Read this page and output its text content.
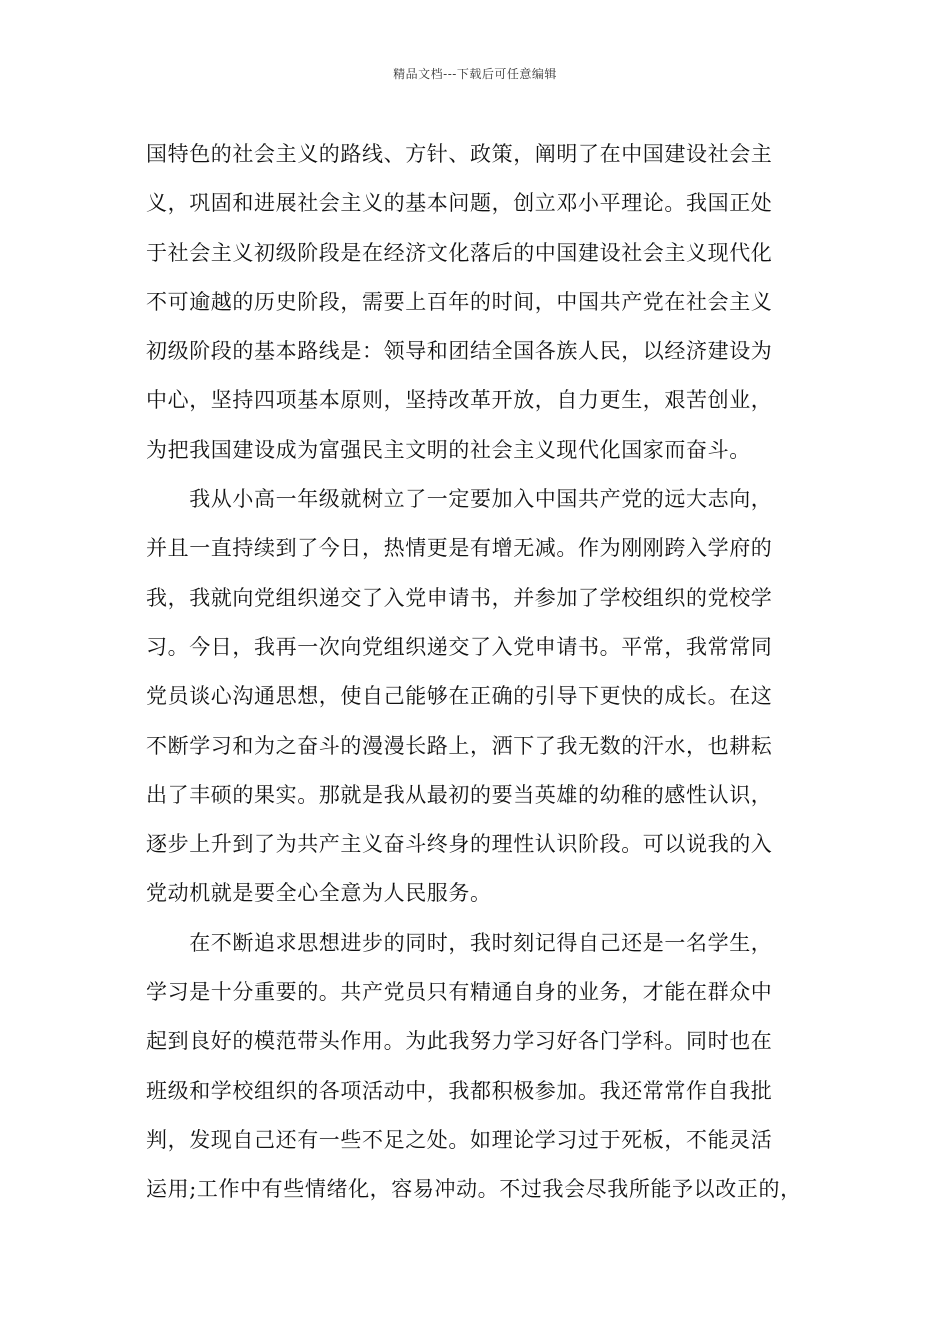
精品文档---下载后可任意编辑
国特色的社会主义的路线、方针、政策，阐明了在中国建设社会主
义，巩固和进展社会主义的基本问题，创立邓小平理论。我国正处
于社会主义初级阶段是在经济文化落后的中国建设社会主义现代化
不可逾越的历史阶段，需要上百年的时间，中国共产党在社会主义
初级阶段的基本路线是：领导和团结全国各族人民，以经济建设为
中心，坚持四项基本原则，坚持改革开放，自力更生，艰苦创业，
为把我国建设成为富强民主文明的社会主义现代化国家而奋斗。
　　我从小高一年级就树立了一定要加入中国共产党的远大志向，
并且一直持续到了今日，热情更是有增无减。作为刚刚跨入学府的
我，我就向党组织递交了入党申请书，并参加了学校组织的党校学
习。今日，我再一次向党组织递交了入党申请书。平常，我常常同
党员谈心沟通思想，使自己能够在正确的引导下更快的成长。在这
不断学习和为之奋斗的漫漫长路上，洒下了我无数的汗水，也耕耘
出了丰硕的果实。那就是我从最初的要当英雄的幼稚的感性认识，
逐步上升到了为共产主义奋斗终身的理性认识阶段。可以说我的入
党动机就是要全心全意为人民服务。
　　在不断追求思想进步的同时，我时刻记得自己还是一名学生，
学习是十分重要的。共产党员只有精通自身的业务，才能在群众中
起到良好的模范带头作用。为此我努力学习好各门学科。同时也在
班级和学校组织的各项活动中，我都积极参加。我还常常作自我批
判，发现自己还有一些不足之处。如理论学习过于死板，不能灵活
运用;工作中有些情绪化，容易冲动。不过我会尽我所能予以改正的，
